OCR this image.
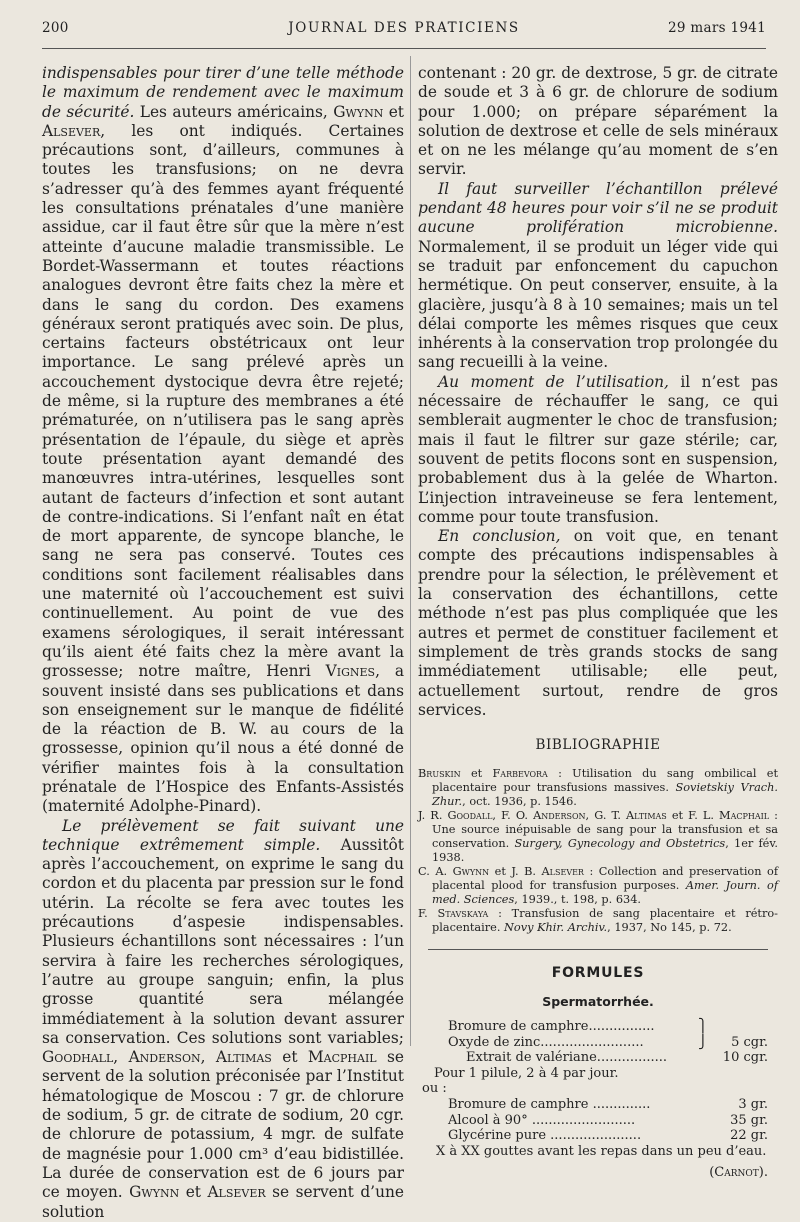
200	JOURNAL DES PRATICIENS	29 mars 1941

indispensables pour tirer d’une telle méthode le maximum de rendement avec le maximum de sécurité. Les auteurs américains, Gwynn et Alsever, les ont indiqués. Certaines précautions sont, d’ailleurs, communes à toutes les transfusions; on ne devra s’adresser qu’à des femmes ayant fréquenté les consultations prénatales d’une manière assidue, car il faut être sûr que la mère n’est atteinte d’aucune maladie transmissible. Le Bordet-Wassermann et toutes réactions analogues devront être faits chez la mère et dans le sang du cordon. Des examens généraux seront pratiqués avec soin. De plus, certains facteurs obstétricaux ont leur importance. Le sang prélevé après un accouchement dystocique devra être rejeté; de même, si la rupture des membranes a été prématurée, on n’utilisera pas le sang après présentation de l’épaule, du siège et après toute présentation ayant demandé des manœuvres intra-utérines, lesquelles sont autant de facteurs d’infection et sont autant de contre-indications. Si l’enfant naît en état de mort apparente, de syncope blanche, le sang ne sera pas conservé. Toutes ces conditions sont facilement réalisables dans une maternité où l’accouchement est suivi continuellement. Au point de vue des examens sérologiques, il serait intéressant qu’ils aient été faits chez la mère avant la grossesse; notre maître, Henri Vignes, a souvent insisté dans ses publications et dans son enseignement sur le manque de fidélité de la réaction de B. W. au cours de la grossesse, opinion qu’il nous a été donné de vérifier maintes fois à la consultation prénatale de l’Hospice des Enfants-Assistés (maternité Adolphe-Pinard).

Le prélèvement se fait suivant une technique extrêmement simple. Aussitôt après l’accouchement, on exprime le sang du cordon et du placenta par pression sur le fond utérin. La récolte se fera avec toutes les précautions d’aspesie indispensables. Plusieurs échantillons sont nécessaires : l’un servira à faire les recherches sérologiques, l’autre au groupe sanguin; enfin, la plus grosse quantité sera mélangée immédiatement à la solution devant assurer sa conservation. Ces solutions sont variables; Goodhall, Anderson, Altimas et Macphail se servent de la solution préconisée par l’Institut hématologique de Moscou : 7 gr. de chlorure de sodium, 5 gr. de citrate de sodium, 20 cgr. de chlorure de potassium, 4 mgr. de sulfate de magnésie pour 1.000 cm³ d’eau bidistillée. La durée de conservation est de 6 jours par ce moyen. Gwynn et Alsever se servent d’une solution

contenant : 20 gr. de dextrose, 5 gr. de citrate de soude et 3 à 6 gr. de chlorure de sodium pour 1.000; on prépare séparément la solution de dextrose et celle de sels minéraux et on ne les mélange qu’au moment de s’en servir.

Il faut surveiller l’échantillon prélevé pendant 48 heures pour voir s’il ne se produit aucune prolifération microbienne. Normalement, il se produit un léger vide qui se traduit par enfoncement du capuchon hermétique. On peut conserver, ensuite, à la glacière, jusqu’à 8 à 10 semaines; mais un tel délai comporte les mêmes risques que ceux inhérents à la conservation trop prolongée du sang recueilli à la veine.

Au moment de l’utilisation, il n’est pas nécessaire de réchauffer le sang, ce qui semblerait augmenter le choc de transfusion; mais il faut le filtrer sur gaze stérile; car, souvent de petits flocons sont en suspension, probablement dus à la gelée de Wharton. L’injection intraveineuse se fera lentement, comme pour toute transfusion.

En conclusion, on voit que, en tenant compte des précautions indispensables à prendre pour la sélection, le prélèvement et la conservation des échantillons, cette méthode n’est pas plus compliquée que les autres et permet de constituer facilement et simplement de très grands stocks de sang immédiatement utilisable; elle peut, actuellement surtout, rendre de gros services.

BIBLIOGRAPHIE

Bruskin et Farbevora : Utilisation du sang ombilical et placentaire pour transfusions massives. Sovietskiy Vrach. Zhur., oct. 1936, p. 1546.

J. R. Goodall, F. O. Anderson, G. T. Altimas et F. L. Macphail : Une source inépuisable de sang pour la transfusion et sa conservation. Surgery, Gynecology and Obstetrics, 1er fév. 1938.

C. A. Gwynn et J. B. Alsever : Collection and preservation of placental plood for transfusion purposes. Amer. Journ. of med. Sciences, 1939., t. 198, p. 634.

F. Stavskaya : Transfusion de sang placentaire et rétro-placentaire. Novy Khir. Archiv., 1937, No 145, p. 72.

FORMULES
Spermatorrhée.
Bromure de camphre................	⎫
Oxyde de zinc.........................	⎭ 5 cgr.
Extrait de valériane.................	10 cgr.
Pour 1 pilule, 2 à 4 par jour.
ou :
Bromure de camphre ..............	3 gr.
Alcool à 90° .........................	35 gr.
Glycérine pure ......................	22 gr.
X à XX gouttes avant les repas dans un peu d’eau.
(Carnot).
